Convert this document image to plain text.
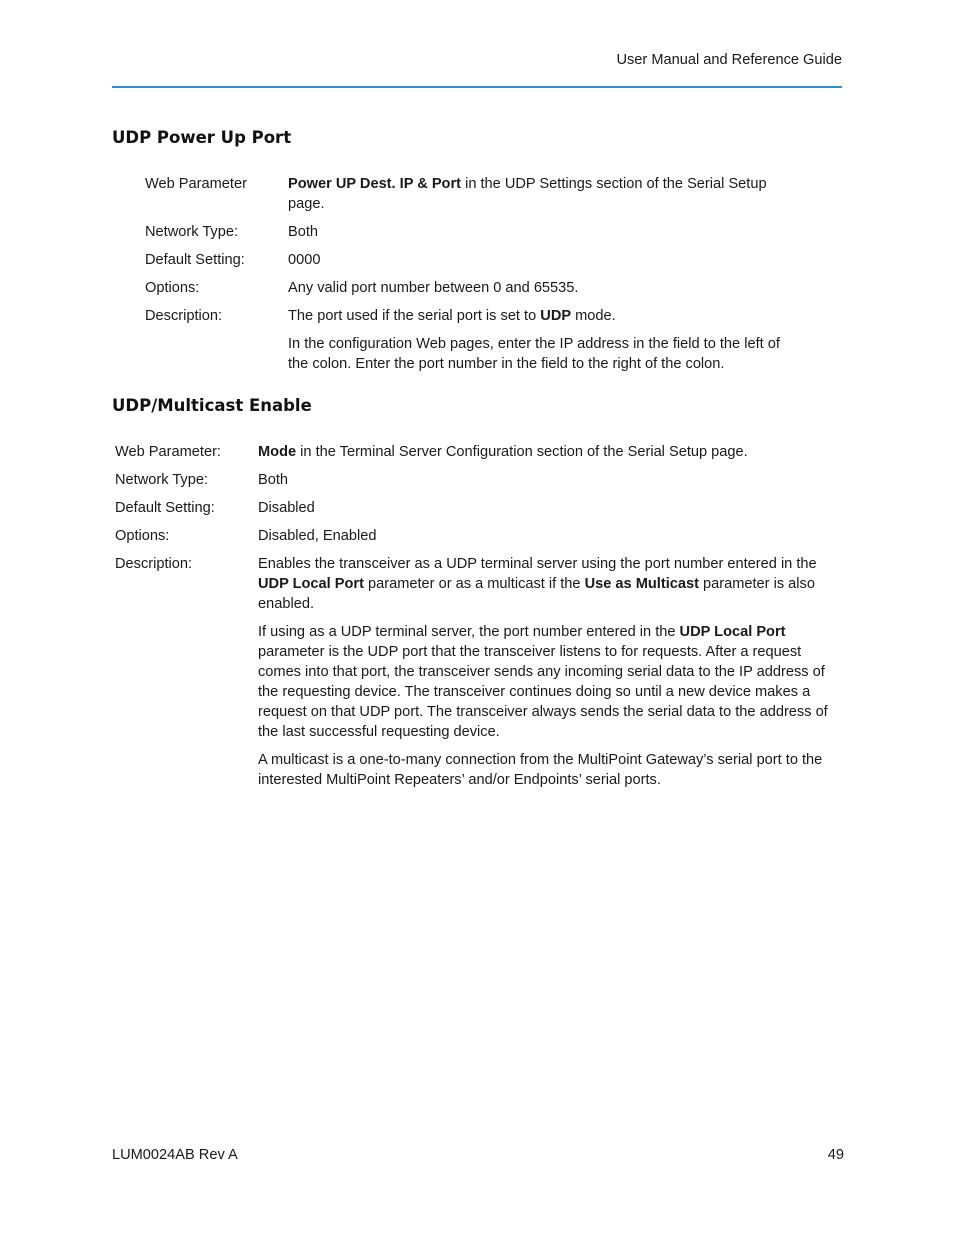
User Manual and Reference Guide
UDP Power Up Port
Web Parameter	Power UP Dest. IP & Port in the UDP Settings section of the Serial Setup
page.
Network Type:	Both
Default Setting:	0000
Options:	Any valid port number between 0 and 65535.
Description:	The port used if the serial port is set to UDP mode.

In the configuration Web pages, enter the IP address in the field to the left of
the colon. Enter the port number in the field to the right of the colon.

UDP/Multicast Enable
Web Parameter:	Mode in the Terminal Server Configuration section of the Serial Setup page.
Network Type:	Both
Default Setting:	Disabled
Options:	Disabled, Enabled
Description:	Enables the transceiver as a UDP terminal server using the port number entered in the
UDP Local Port parameter or as a multicast if the Use as Multicast parameter is also
enabled.

If using as a UDP terminal server, the port number entered in the UDP Local Port
parameter is the UDP port that the transceiver listens to for requests. After a request
comes into that port, the transceiver sends any incoming serial data to the IP address of
the requesting device. The transceiver continues doing so until a new device makes a
request on that UDP port. The transceiver always sends the serial data to the address of
the last successful requesting device.

A multicast is a one-to-many connection from the MultiPoint Gateway’s serial port to the
interested MultiPoint Repeaters’ and/or Endpoints’ serial ports.

LUM0024AB Rev A	49
